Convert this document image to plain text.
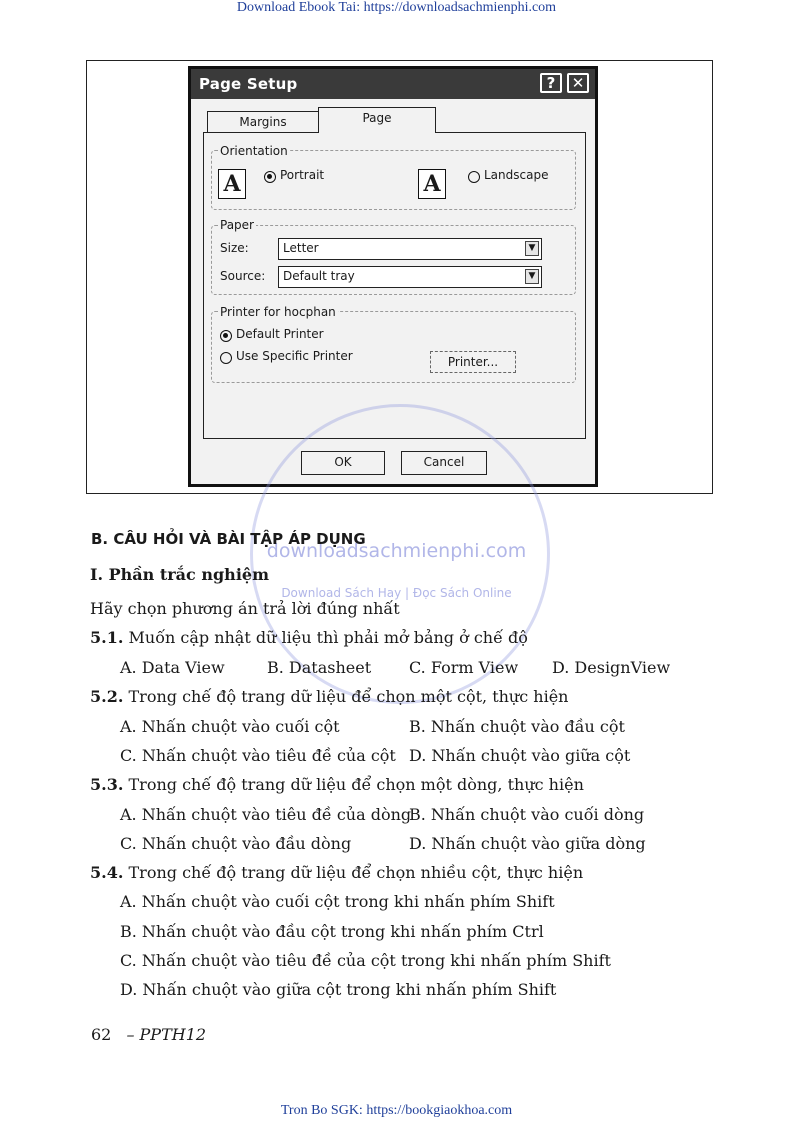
Download Ebook Tai: https://downloadsachmienphi.com
Page Setup	?	✕
Margins	Page
Orientation
A	Portrait	A	Landscape
Paper
Size:	Letter	▼
Source:	Default tray	▼
Printer for hocphan
Default Printer
Use Specific Printer	Printer...
OK	Cancel
downloadsachmienphi.com
Download Sách Hay | Đọc Sách Online
B. CÂU HỎI VÀ BÀI TẬP ÁP DỤNG
I. Phần trắc nghiệm
Hãy chọn phương án trả lời đúng nhất
5.1. Muốn cập nhật dữ liệu thì phải mở bảng ở chế độ
A. Data View	B. Datasheet C. Form View D. DesignView
5.2. Trong chế độ trang dữ liệu để chọn một cột, thực hiện
A. Nhấn chuột vào cuối cột	B. Nhấn chuột vào đầu cột
C. Nhấn chuột vào tiêu đề của cột D. Nhấn chuột vào giữa cột
5.3. Trong chế độ trang dữ liệu để chọn một dòng, thực hiện
A. Nhấn chuột vào tiêu đề của dòng
B. Nhấn chuột vào cuối dòng
C. Nhấn chuột vào đầu dòng	D. Nhấn chuột vào giữa dòng
5.4. Trong chế độ trang dữ liệu để chọn nhiều cột, thực hiện
A. Nhấn chuột vào cuối cột trong khi nhấn phím Shift
B. Nhấn chuột vào đầu cột trong khi nhấn phím Ctrl
C. Nhấn chuột vào tiêu đề của cột trong khi nhấn phím Shift
D. Nhấn chuột vào giữa cột trong khi nhấn phím Shift
62 – PPTH12
Tron Bo SGK: https://bookgiaokhoa.com
